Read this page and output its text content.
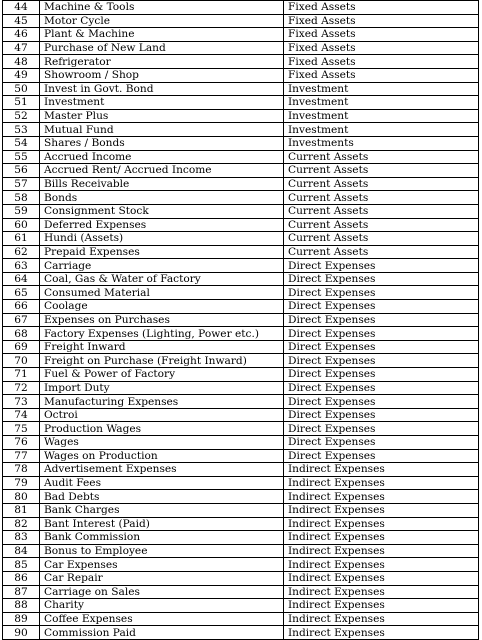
44	Machine & Tools	Fixed Assets
45	Motor Cycle	Fixed Assets
46	Plant & Machine	Fixed Assets
47	Purchase of New Land	Fixed Assets
48	Refrigerator	Fixed Assets
49	Showroom / Shop	Fixed Assets
50	Invest in Govt. Bond	Investment
51	Investment	Investment
52	Master Plus	Investment
53	Mutual Fund	Investment
54	Shares / Bonds	Investments
55	Accrued Income	Current Assets
56	Accrued Rent/ Accrued Income	Current Assets
57	Bills Receivable	Current Assets
58	Bonds	Current Assets
59	Consignment Stock	Current Assets
60	Deferred Expenses	Current Assets
61	Hundi (Assets)	Current Assets
62	Prepaid Expenses	Current Assets
63	Carriage	Direct Expenses
64	Coal, Gas & Water of Factory	Direct Expenses
65	Consumed Material	Direct Expenses
66	Coolage	Direct Expenses
67	Expenses on Purchases	Direct Expenses
68	Factory Expenses (Lighting, Power etc.)	Direct Expenses
69	Freight Inward	Direct Expenses
70	Freight on Purchase (Freight Inward)	Direct Expenses
71	Fuel & Power of Factory	Direct Expenses
72	Import Duty	Direct Expenses
73	Manufacturing Expenses	Direct Expenses
74	Octroi	Direct Expenses
75	Production Wages	Direct Expenses
76	Wages	Direct Expenses
77	Wages on Production	Direct Expenses
78	Advertisement Expenses	Indirect Expenses
79	Audit Fees	Indirect Expenses
80	Bad Debts	Indirect Expenses
81	Bank Charges	Indirect Expenses
82	Bant Interest (Paid)	Indirect Expenses
83	Bank Commission	Indirect Expenses
84	Bonus to Employee	Indirect Expenses
85	Car Expenses	Indirect Expenses
86	Car Repair	Indirect Expenses
87	Carriage on Sales	Indirect Expenses
88	Charity	Indirect Expenses
89	Coffee Expenses	Indirect Expenses
90	Commission Paid	Indirect Expenses
